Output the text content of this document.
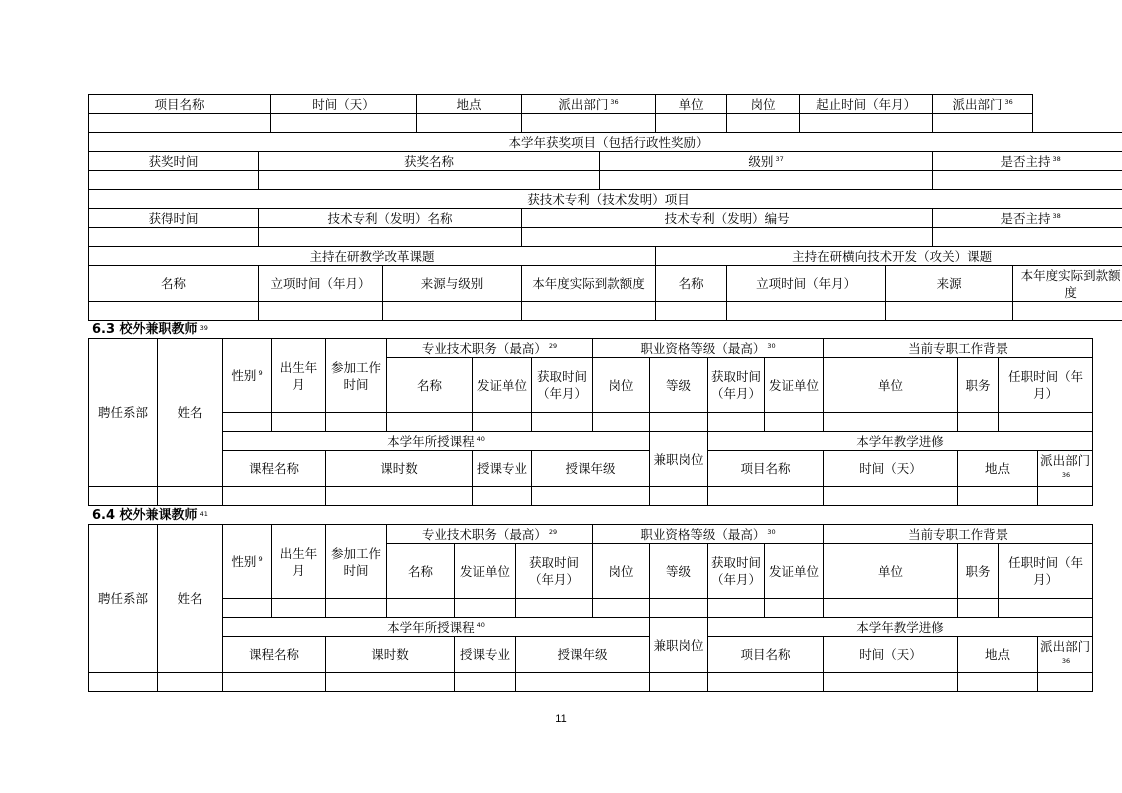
项目名称		时间（天）		地点	派出部门 $^{36}$		单位	岗位	起止时间（年月）		派出部门 $^{36}$

本学年获奖项目（包括行政性奖励）												
获奖时间	获奖名称					级别 $^{37}$					是否主持 $^{38}$

获技术专利（技术发明）项目												
获得时间	技术专利（发明）名称				技术专利（发明）编号						是否主持 $^{38}$

主持在研教学改革课题							主持在研横向技术开发（攻关）课题					
名称	立项时间（年月）		来源与级别		本年度实际到款额度		名称	立项时间（年月）		来源		本年度实际到款额度

6.3 校外兼职教师 $^{39}$
聘任系部	姓名	性别 $^9$	出生年月	参加工作时间	专业技术职务（最高） $^{29}$			职业资格等级（最高） $^{30}$				当前专职工作背景			
					名称	发证单位	获取时间（年月）	岗位	等级	获取时间（年月）	发证单位	单位	职务	任职时间（年月）	

		本学年所授课程 $^{40}$							兼职岗位	本学年教学进修					
		课程名称		课时数		授课专业	授课年级			项目名称		时间（天）	地点		派出部门$^{36}$

6.4 校外兼课教师 $^{41}$
聘任系部	姓名	性别 $^9$	出生年月	参加工作时间	专业技术职务（最高） $^{29}$			职业资格等级（最高） $^{30}$				当前专职工作背景			
					名称	发证单位	获取时间（年月）	岗位	等级	获取时间（年月）	发证单位	单位	职务	任职时间（年月）	

		本学年所授课程 $^{40}$							兼职岗位	本学年教学进修					
		课程名称		课时数		授课专业	授课年级			项目名称		时间（天）	地点		派出部门$^{36}$

11
